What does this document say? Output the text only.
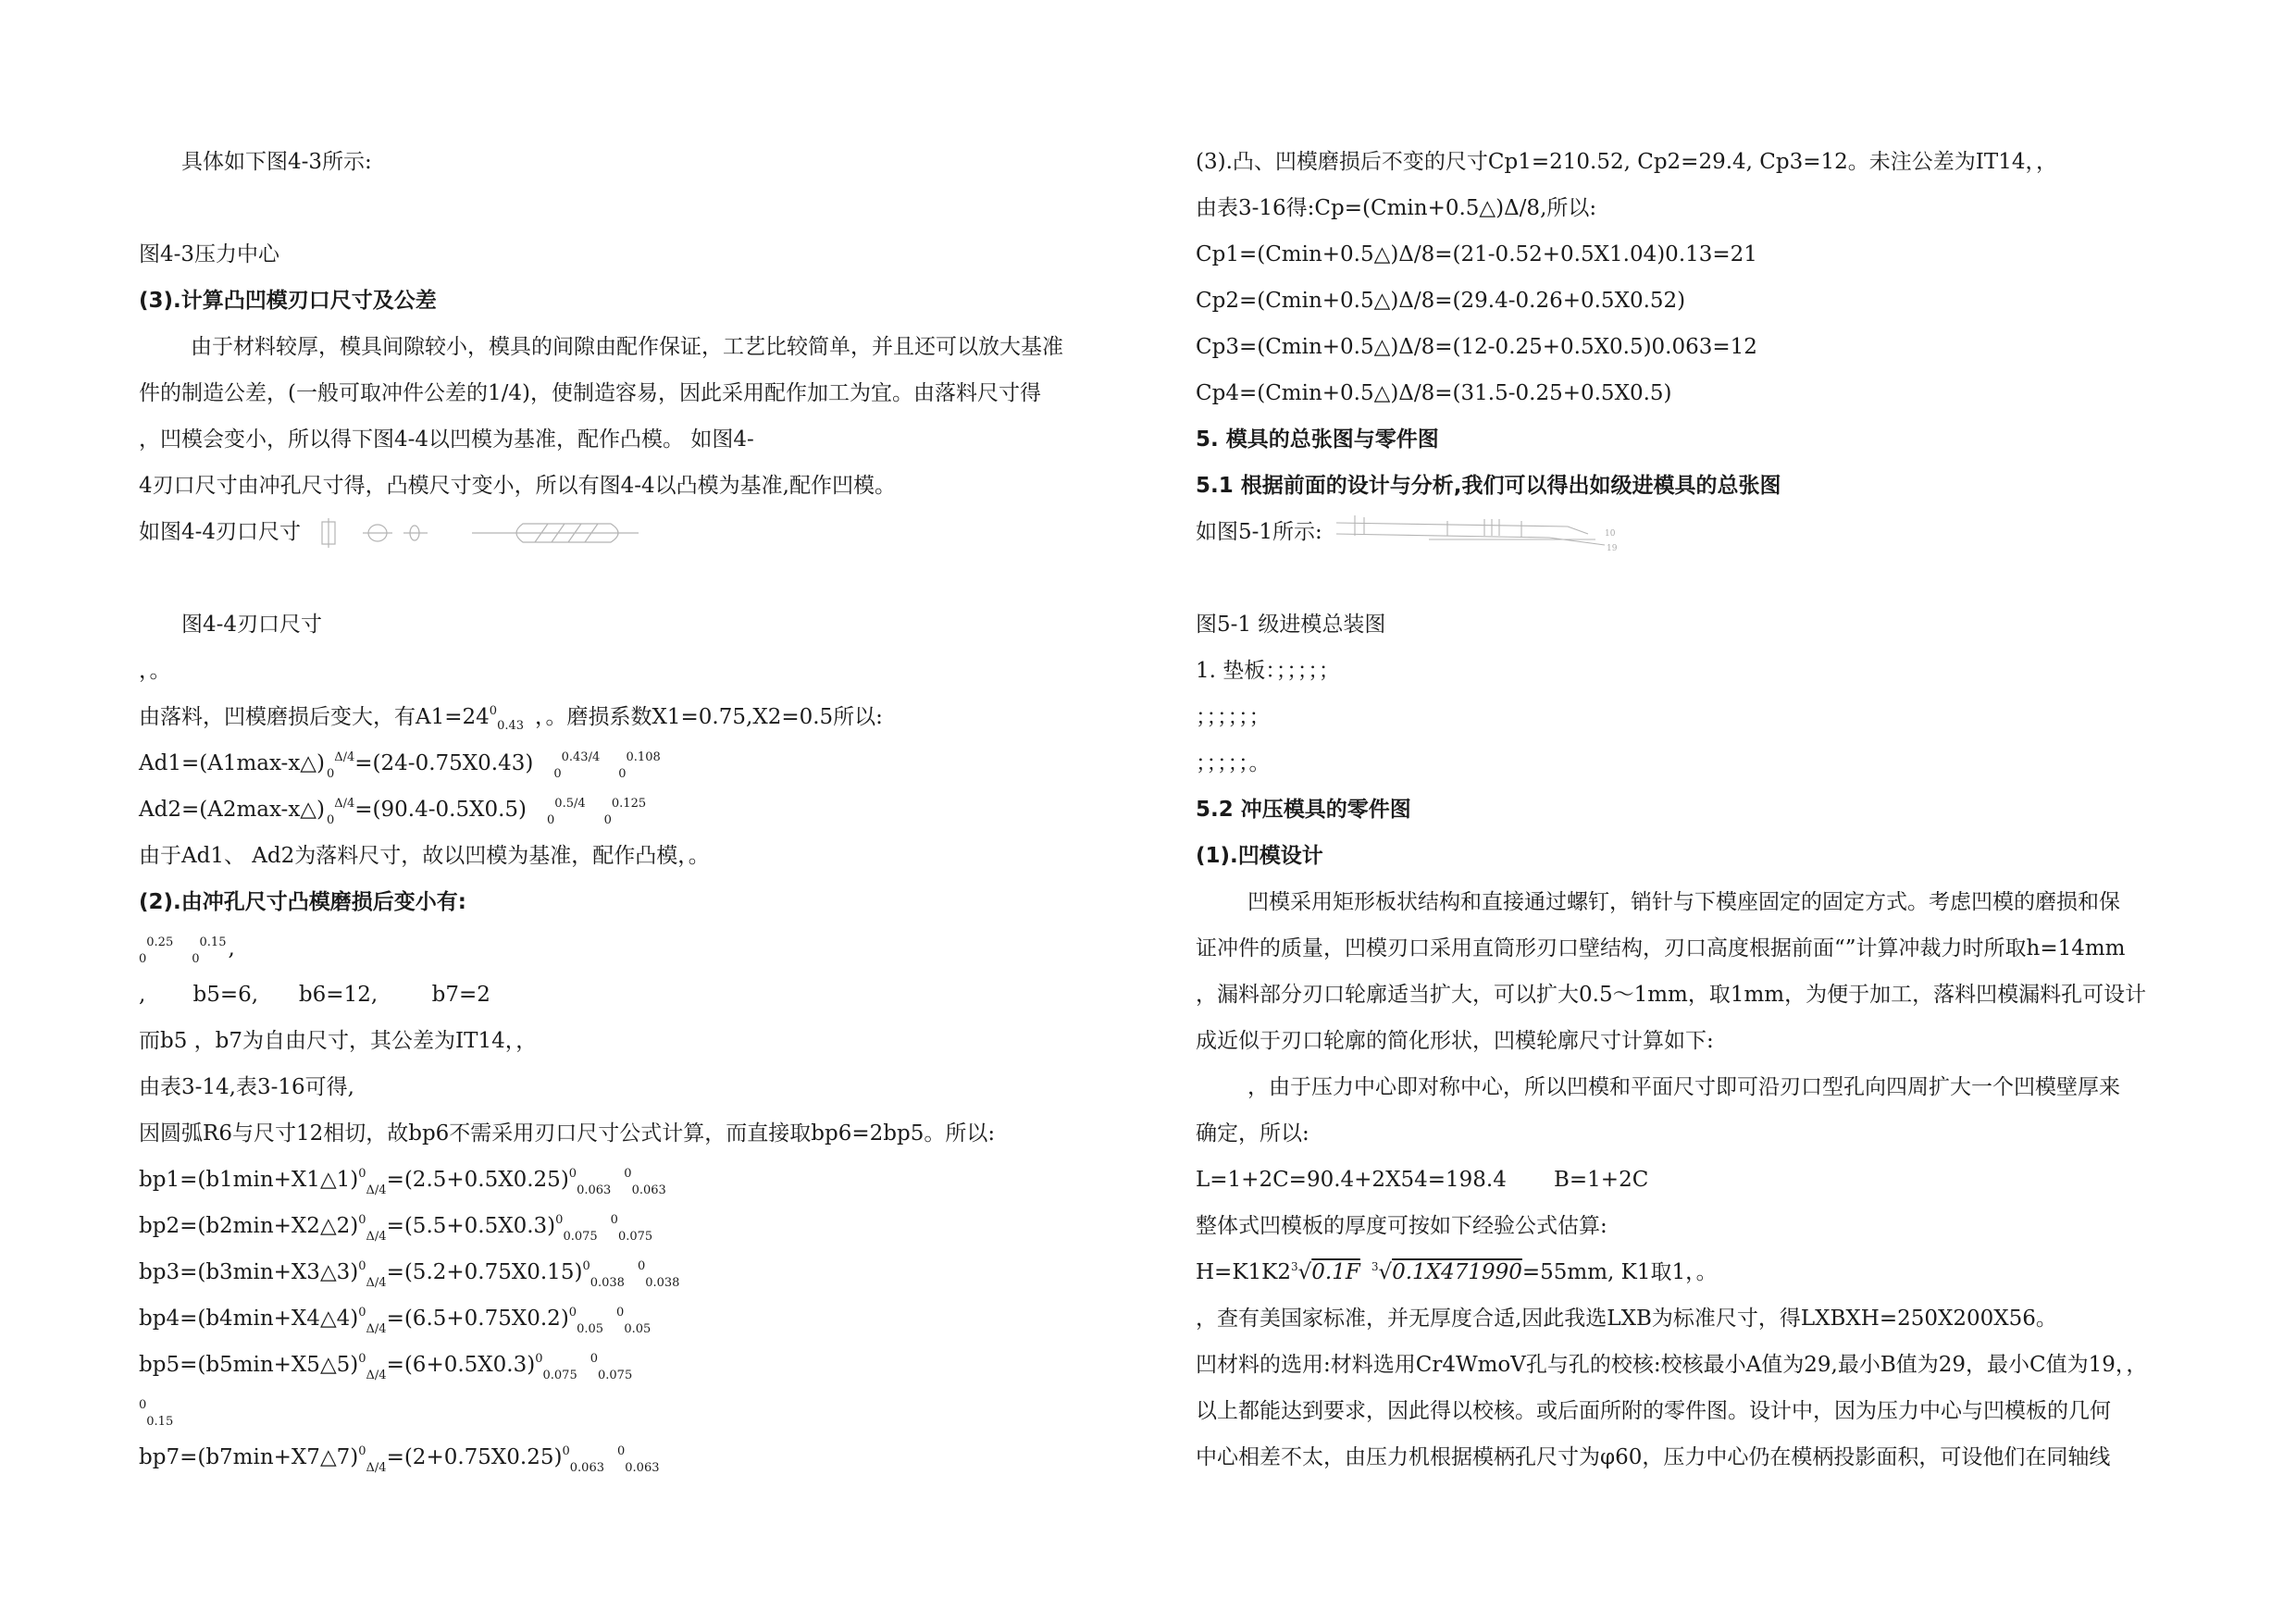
具体如下图4-3所示:
图4-3压力中心
(3).计算凸凹模刃口尺寸及公差
由于材料较厚，模具间隙较小，模具的间隙由配作保证，工艺比较简单，并且还可以放大基准
件的制造公差，(一般可取冲件公差的1/4)，使制造容易，因此采用配作加工为宜。由落料尺寸得
，凹模会变小，所以得下图4-4以凹模为基准，配作凸模。 如图4-
4刃口尺寸由冲孔尺寸得，凸模尺寸变小，所以有图4-4以凸模为基准,配作凹模。
如图4-4刃口尺寸
图4-4刃口尺寸
，。
由落料，凹模磨损后变大，有$A1=24^0_{0.43}$ ，。磨损系数X1=0.75,X2=0.5所以:
Ad1=(A1max-x△) $_0^{\Delta/4}$=(24-0.75X0.43) $_0^{0.43/4}_0^{0.108}$
Ad2=(A2max-x△) $_0^{\Delta/4}$=(90.4-0.5X0.5) $_0^{0.5/4}_0^{0.125}$
由于Ad1、 Ad2为落料尺寸，故以凹模为基准，配作凸模，。
(2).由冲孔尺寸凸模磨损后变小有:
$_0^{0.25}_0^{0.15}$,
,       b5=6,      b6=12,        b7=2
而b5 ，b7为自由尺寸，其公差为IT14，，
由表3-14,表3-16可得,
因圆弧R6与尺寸12相切，故bp6不需采用刃口尺寸公式计算，而直接取bp6=2bp5。所以:
$bp1=(b1\min+X1\triangle 1)^0_{\Delta/4}=(2.5+0.5X0.25)^0_{0.063}^0_{0.063}$
$bp2=(b2\min+X2\triangle 2)^0_{\Delta/4}=(5.5+0.5X0.3)^0_{0.075}^0_{0.075}$
$bp3=(b3\min+X3\triangle 3)^0_{\Delta/4}=(5.2+0.75X0.15)^0_{0.038}^0_{0.038}$
$bp4=(b4\min+X4\triangle 4)^0_{\Delta/4}=(6.5+0.75X0.2)^0_{0.05}^0_{0.05}$
$bp5=(b5\min+X5\triangle 5)^0_{\Delta/4}=(6+0.5X0.3)^0_{0.075}^0_{0.075}$
$^0_{0.15}$
$bp7=(b7\min+X7\triangle 7)^0_{\Delta/4}=(2+0.75X0.25)^0_{0.063}^0_{0.063}$
(3).凸、凹模磨损后不变的尺寸Cp1=210.52, Cp2=29.4, Cp3=12。未注公差为IT14，，
由表3-16得:Cp=(Cmin+0.5△)Δ/8,所以:
Cp1=(Cmin+0.5△)Δ/8=(21-0.52+0.5X1.04)0.13=21
Cp2=(Cmin+0.5△)Δ/8=(29.4-0.26+0.5X0.52)
Cp3=(Cmin+0.5△)Δ/8=(12-0.25+0.5X0.5)0.063=12
Cp4=(Cmin+0.5△)Δ/8=(31.5-0.25+0.5X0.5)
5. 模具的总张图与零件图
5.1 根据前面的设计与分析,我们可以得出如级进模具的总张图
如图5-1所示:	10
19
图5-1 级进模总装图
1. 垫板：；；；；；
；；；；；；
；；；；；。
5.2 冲压模具的零件图
(1).凹模设计
凹模采用矩形板状结构和直接通过螺钉，销针与下模座固定的固定方式。考虑凹模的磨损和保
证冲件的质量，凹模刃口采用直筒形刃口壁结构，刃口高度根据前面“”计算冲裁力时所取h=14mm
，漏料部分刃口轮廓适当扩大，可以扩大0.5～1mm，取1mm，为便于加工，落料凹模漏料孔可设计
成近似于刃口轮廓的简化形状，凹模轮廓尺寸计算如下:
，由于压力中心即对称中心，所以凹模和平面尺寸即可沿刃口型孔向四周扩大一个凹模壁厚来
确定，所以:
L=1+2C=90.4+2X54=198.4       B=1+2C
整体式凹模板的厚度可按如下经验公式估算:
$H=K1K2^3√0.1F$ $^3$√0.1X471990=55mm, K1取1，。
，查有美国家标准，并无厚度合适,因此我选LXB为标准尺寸，得LXBXH=250X200X56。
凹材料的选用:材料选用Cr4WmoV孔与孔的校核:校核最小A值为29,最小B值为29，最小C值为19，，
以上都能达到要求，因此得以校核。或后面所附的零件图。设计中，因为压力中心与凹模板的几何
中心相差不太，由压力机根据模柄孔尺寸为φ60，压力中心仍在模柄投影面积，可设他们在同轴线
